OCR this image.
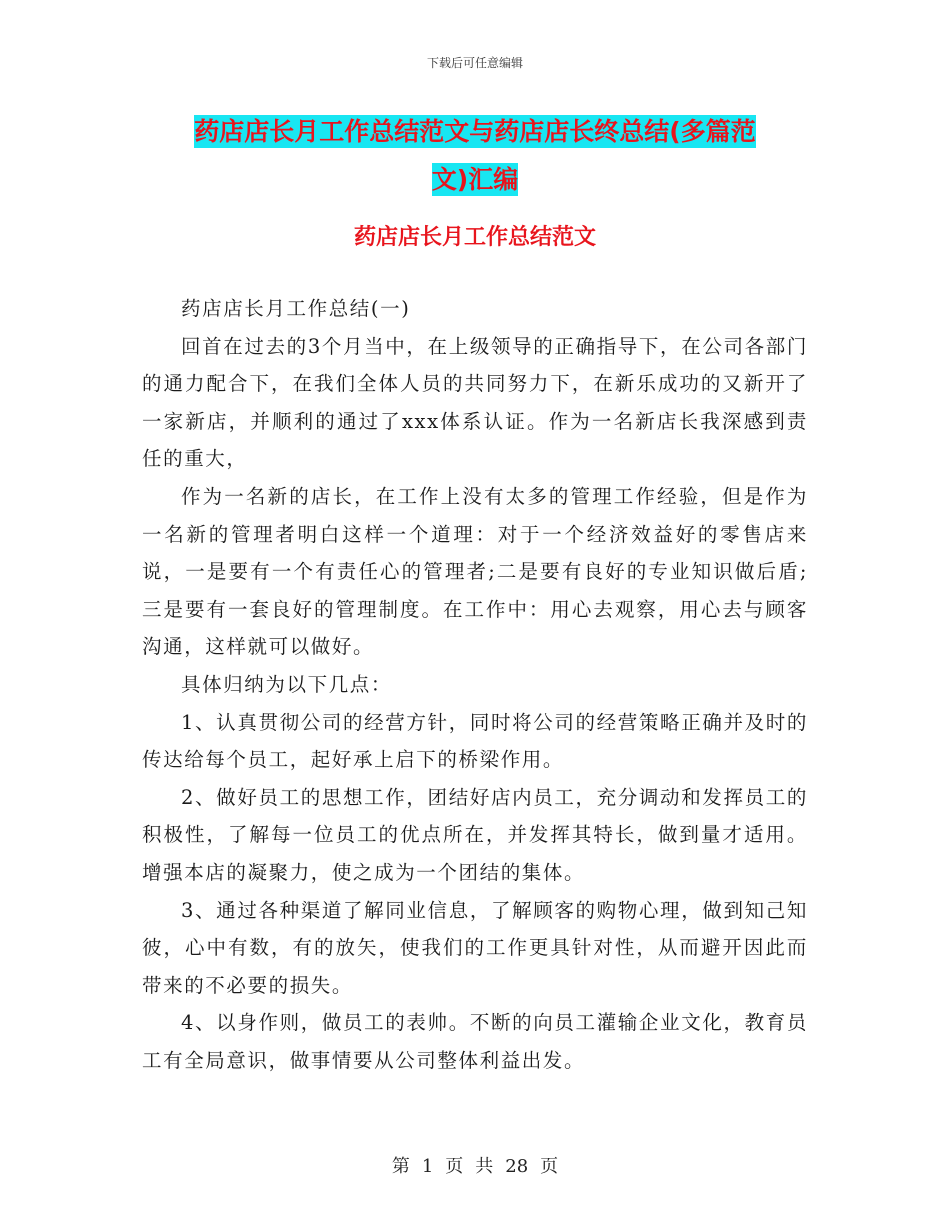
下载后可任意编辑
药店店长月工作总结范文与药店店长终总结(多篇范
文)汇编
药店店长月工作总结范文

药店店长月工作总结(一)

回首在过去的3个月当中，在上级领导的正确指导下，在公司各部门的通力配合下，在我们全体人员的共同努力下，在新乐成功的又新开了一家新店，并顺利的通过了xxx体系认证。作为一名新店长我深感到责任的重大，

作为一名新的店长，在工作上没有太多的管理工作经验，但是作为一名新的管理者明白这样一个道理：对于一个经济效益好的零售店来说，一是要有一个有责任心的管理者;二是要有良好的专业知识做后盾;三是要有一套良好的管理制度。在工作中：用心去观察，用心去与顾客沟通，这样就可以做好。

具体归纳为以下几点：

1、认真贯彻公司的经营方针，同时将公司的经营策略正确并及时的传达给每个员工，起好承上启下的桥梁作用。

2、做好员工的思想工作，团结好店内员工，充分调动和发挥员工的积极性，了解每一位员工的优点所在，并发挥其特长，做到量才适用。增强本店的凝聚力，使之成为一个团结的集体。

3、通过各种渠道了解同业信息，了解顾客的购物心理，做到知己知彼，心中有数，有的放矢，使我们的工作更具针对性，从而避开因此而带来的不必要的损失。

4、以身作则，做员工的表帅。不断的向员工灌输企业文化，教育员工有全局意识，做事情要从公司整体利益出发。

第 1 页 共 28 页
